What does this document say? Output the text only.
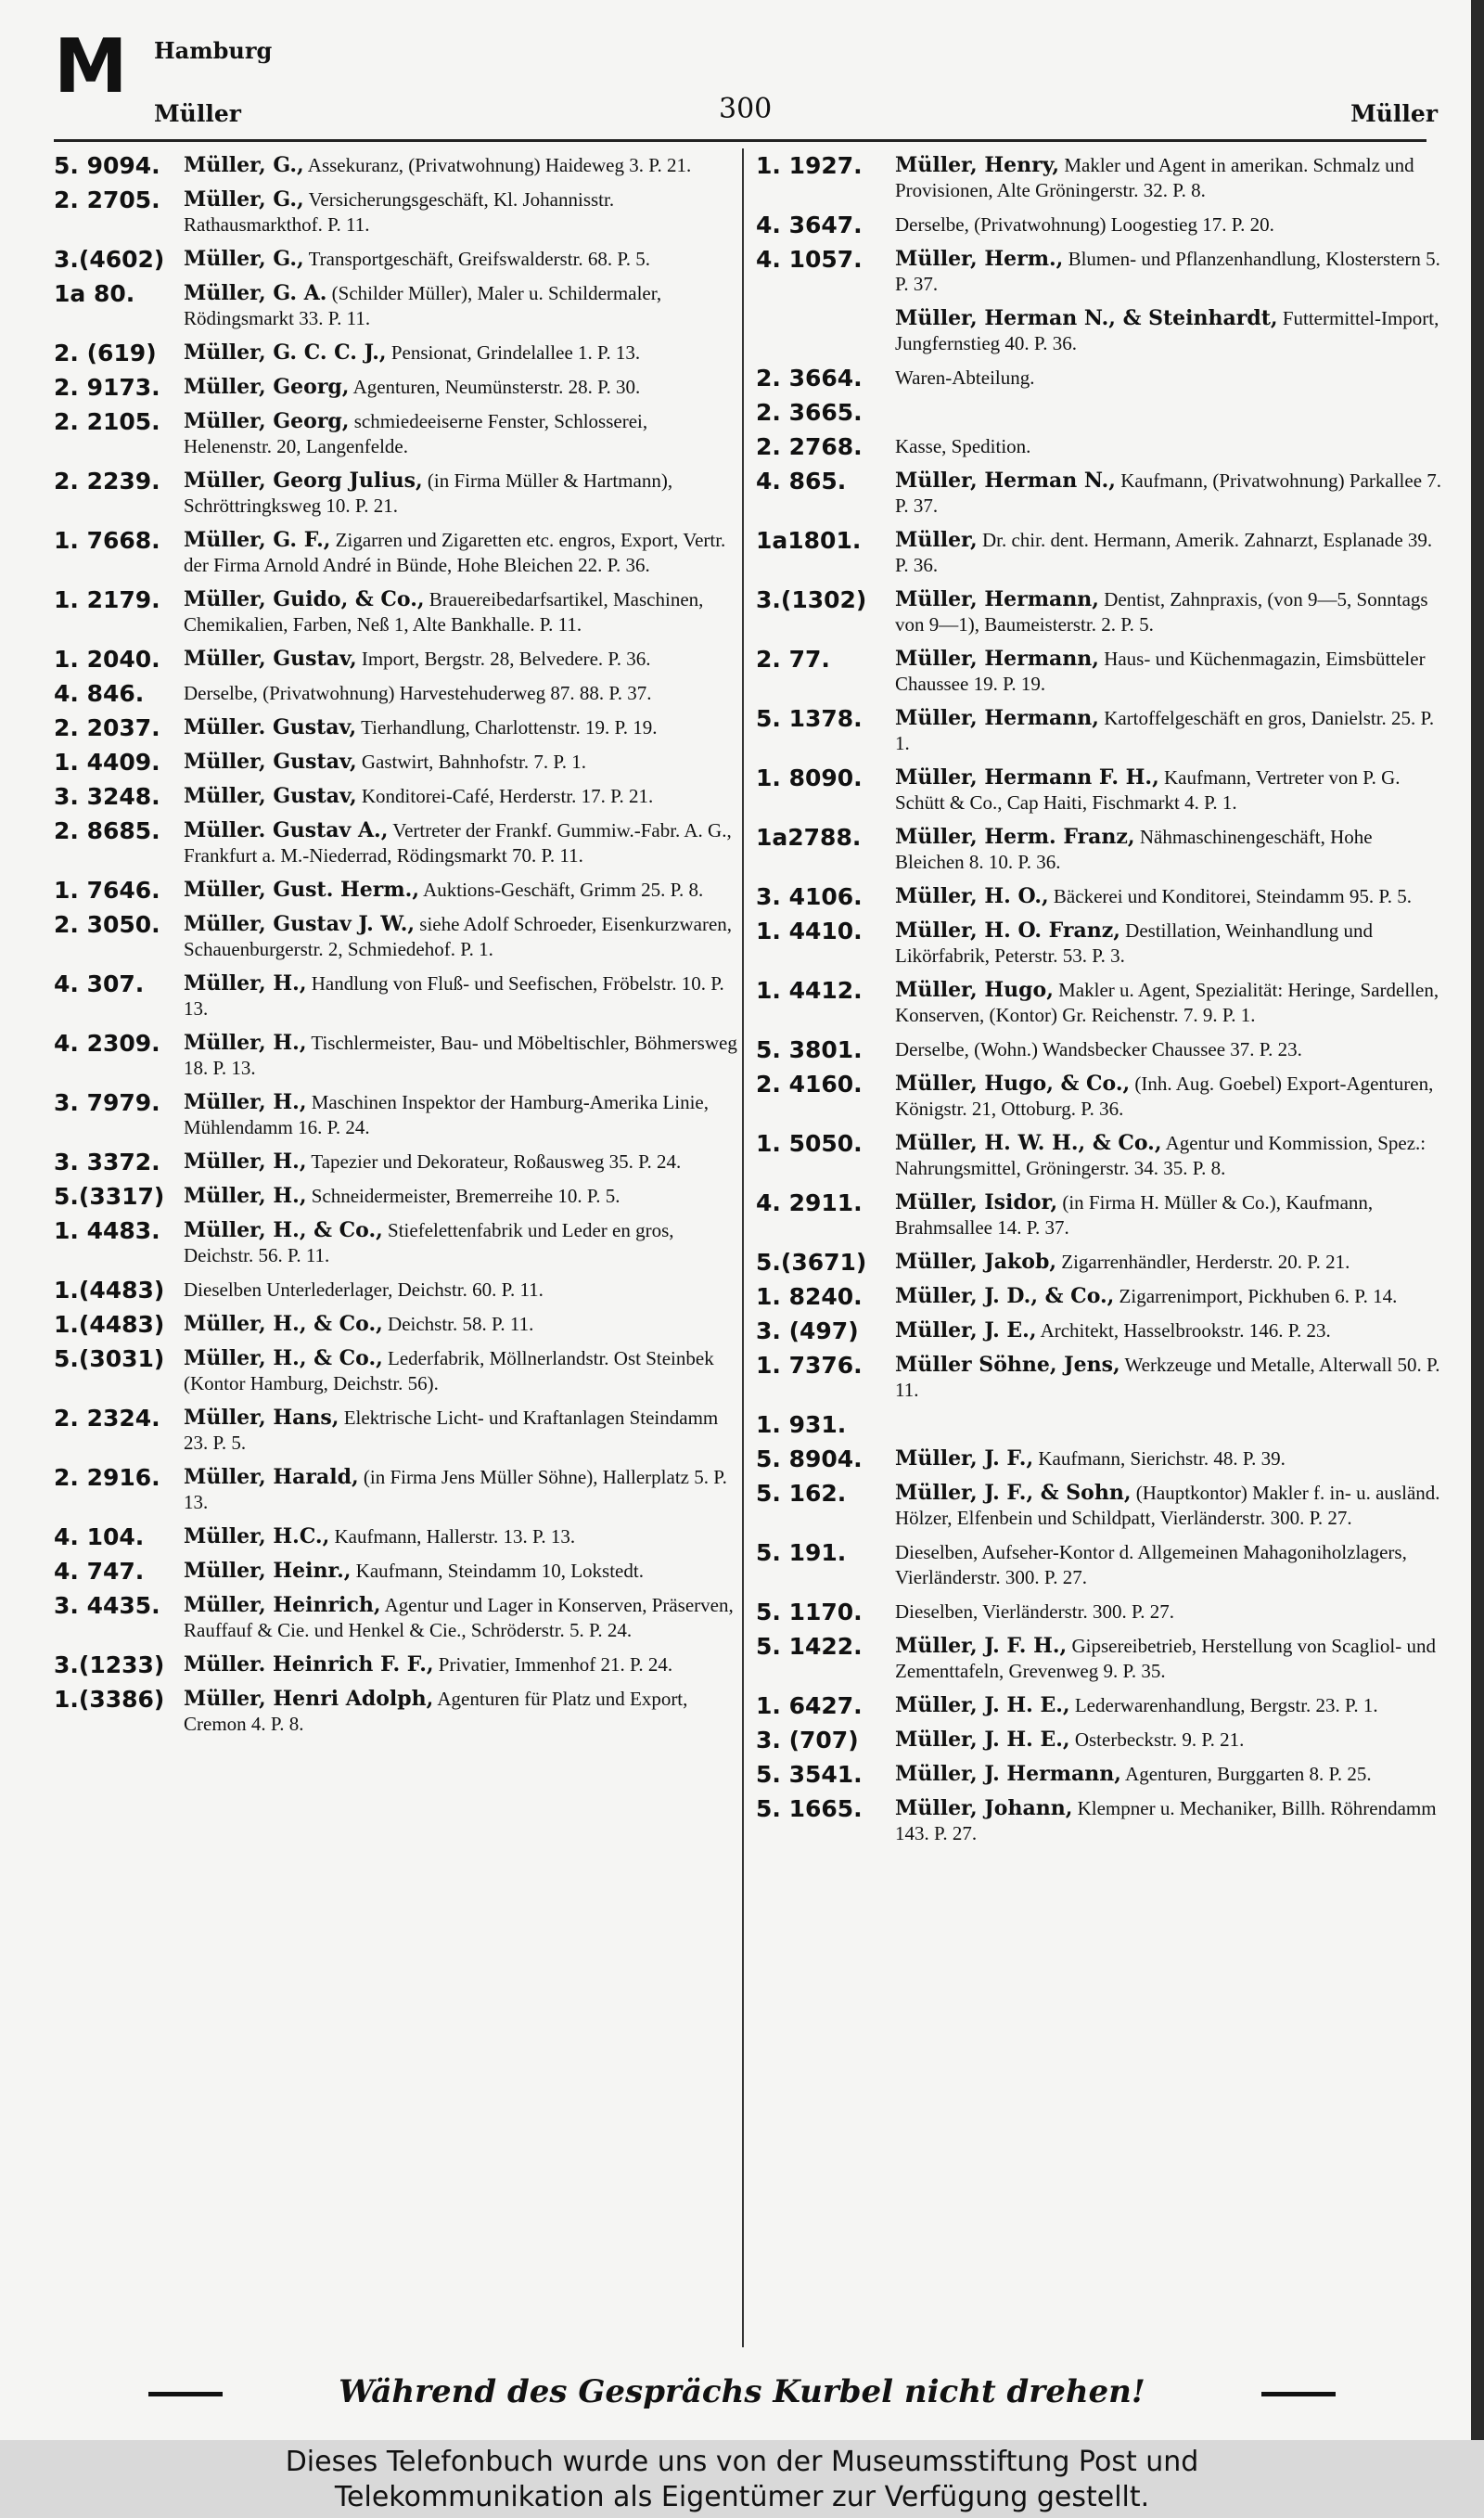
M Hamburg
Müller	300	Müller
5. 9094.	Müller, G., Assekuranz, (Privatwohnung) Haideweg 3. P. 21.
2. 2705.	Müller, G., Versicherungsgeschäft, Kl. Johannisstr. Rathausmarkthof. P. 11.
3.(4602) Müller, G., Transportgeschäft, Greifswalderstr. 68. P. 5.
1a 80.	Müller, G. A. (Schilder Müller), Maler u. Schildermaler, Rödingsmarkt 33. P. 11.
2. (619)	Müller, G. C. C. J., Pensionat, Grindelallee 1. P. 13.
2. 9173.	Müller, Georg, Agenturen, Neumünsterstr. 28. P. 30.
2. 2105.	Müller, Georg, schmiedeeiserne Fenster, Schlosserei, Helenenstr. 20, Langenfelde.
2. 2239.	Müller, Georg Julius, (in Firma Müller & Hartmann), Schröttringksweg 10. P. 21.
1. 7668.	Müller, G. F., Zigarren und Zigaretten etc. engros, Export, Vertr. der Firma Arnold André in Bünde, Hohe Bleichen 22. P. 36.
1. 2179.	Müller, Guido, & Co., Brauereibedarfsartikel, Maschinen, Chemikalien, Farben, Neß 1, Alte Bankhalle. P. 11.
1. 2040.	Müller, Gustav, Import, Bergstr. 28, Belvedere. P. 36.
4. 846.	Derselbe, (Privatwohnung) Harvestehuderweg 87. 88. P. 37.
2. 2037.	Müller. Gustav, Tierhandlung, Charlottenstr. 19. P. 19.
1. 4409.	Müller, Gustav, Gastwirt, Bahnhofstr. 7. P. 1.
3. 3248.	Müller, Gustav, Konditorei-Café, Herderstr. 17. P. 21.
2. 8685.	Müller. Gustav A., Vertreter der Frankf. Gummiw.-Fabr. A. G., Frankfurt a. M.-Niederrad, Rödingsmarkt 70. P. 11.
1. 7646.	Müller, Gust. Herm., Auktions-Geschäft, Grimm 25. P. 8.
2. 3050.	Müller, Gustav J. W., siehe Adolf Schroeder, Eisenkurzwaren, Schauenburgerstr. 2, Schmiedehof. P. 1.
4. 307.	Müller, H., Handlung von Fluß- und Seefischen, Fröbelstr. 10. P. 13.
4. 2309.	Müller, H., Tischlermeister, Bau- und Möbeltischler, Böhmersweg 18. P. 13.
3. 7979.	Müller, H., Maschinen Inspektor der Hamburg-Amerika Linie, Mühlendamm 16. P. 24.
3. 3372.	Müller, H., Tapezier und Dekorateur, Roßausweg 35. P. 24.
5.(3317) Müller, H., Schneidermeister, Bremerreihe 10. P. 5.
1. 4483.	Müller, H., & Co., Stiefelettenfabrik und Leder en gros, Deichstr. 56. P. 11.
1.(4483) Dieselben Unterlederlager, Deichstr. 60. P. 11.
1.(4483) Müller, H., & Co., Deichstr. 58. P. 11.
5.(3031) Müller, H., & Co., Lederfabrik, Möllnerlandstr. Ost Steinbek (Kontor Hamburg, Deichstr. 56).
2. 2324.	Müller, Hans, Elektrische Licht- und Kraftanlagen Steindamm 23. P. 5.
2. 2916.	Müller, Harald, (in Firma Jens Müller Söhne), Hallerplatz 5. P. 13.
4. 104.	Müller, H.C., Kaufmann, Hallerstr. 13. P. 13.
4. 747.	Müller, Heinr., Kaufmann, Steindamm 10, Lokstedt.
3. 4435.	Müller, Heinrich, Agentur und Lager in Konserven, Präserven, Rauffauf & Cie. und Henkel & Cie., Schröderstr. 5. P. 24.
3.(1233) Müller. Heinrich F. F., Privatier, Immenhof 21. P. 24.
1.(3386) Müller, Henri Adolph, Agenturen für Platz und Export, Cremon 4. P. 8.
1. 1927.	Müller, Henry, Makler und Agent in amerikan. Schmalz und Provisionen, Alte Gröningerstr. 32. P. 8.
4. 3647.	Derselbe, (Privatwohnung) Loogestieg 17. P. 20.
4. 1057.	Müller, Herm., Blumen- und Pflanzenhandlung, Klosterstern 5. P. 37.
Müller, Herman N., & Steinhardt, Futtermittel-Import, Jungfernstieg 40. P. 36.
2. 3664.	Waren-Abteilung.
2. 3665.
2. 2768.	Kasse, Spedition.
4. 865.	Müller, Herman N., Kaufmann, (Privatwohnung) Parkallee 7. P. 37.
1a1801.	Müller, Dr. chir. dent. Hermann, Amerik. Zahnarzt, Esplanade 39. P. 36.
3.(1302)	Müller, Hermann, Dentist, Zahnpraxis, (von 9—5, Sonntags von 9—1), Baumeisterstr. 2. P. 5.
2. 77.	Müller, Hermann, Haus- und Küchenmagazin, Eimsbütteler Chaussee 19. P. 19.
5. 1378.	Müller, Hermann, Kartoffelgeschäft en gros, Danielstr. 25. P. 1.
1. 8090.	Müller, Hermann F. H., Kaufmann, Vertreter von P. G. Schütt & Co., Cap Haiti, Fischmarkt 4. P. 1.
1a2788.	Müller, Herm. Franz, Nähmaschinengeschäft, Hohe Bleichen 8. 10. P. 36.
3. 4106.	Müller, H. O., Bäckerei und Konditorei, Steindamm 95. P. 5.
1. 4410.	Müller, H. O. Franz, Destillation, Weinhandlung und Likörfabrik, Peterstr. 53. P. 3.
1. 4412.	Müller, Hugo, Makler u. Agent, Spezialität: Heringe, Sardellen, Konserven, (Kontor) Gr. Reichenstr. 7. 9. P. 1.
5. 3801.	Derselbe, (Wohn.) Wandsbecker Chaussee 37. P. 23.
2. 4160.	Müller, Hugo, & Co., (Inh. Aug. Goebel) Export-Agenturen, Königstr. 21, Ottoburg. P. 36.
1. 5050.	Müller, H. W. H., & Co., Agentur und Kommission, Spez.: Nahrungsmittel, Gröningerstr. 34. 35. P. 8.
4. 2911.	Müller, Isidor, (in Firma H. Müller & Co.), Kaufmann, Brahmsallee 14. P. 37.
5.(3671)	Müller, Jakob, Zigarrenhändler, Herderstr. 20. P. 21.
1. 8240.	Müller, J. D., & Co., Zigarrenimport, Pickhuben 6. P. 14.
3. (497)	Müller, J. E., Architekt, Hasselbrookstr. 146. P. 23.
1. 7376.	Müller Söhne, Jens, Werkzeuge und Metalle, Alterwall 50. P. 11.
1. 931.
5. 8904.	Müller, J. F., Kaufmann, Sierichstr. 48. P. 39.
5. 162.	Müller, J. F., & Sohn, (Hauptkontor) Makler f. in- u. ausländ. Hölzer, Elfenbein und Schildpatt, Vierländerstr. 300. P. 27.
5. 191.	Dieselben, Aufseher-Kontor d. Allgemeinen Mahagoniholzlagers, Vierländerstr. 300. P. 27.
5. 1170.	Dieselben, Vierländerstr. 300. P. 27.
5. 1422.	Müller, J. F. H., Gipsereibetrieb, Herstellung von Scagliol- und Zementtafeln, Grevenweg 9. P. 35.
1. 6427.	Müller, J. H. E., Lederwarenhandlung, Bergstr. 23. P. 1.
3. (707)	Müller, J. H. E., Osterbeckstr. 9. P. 21.
5. 3541.	Müller, J. Hermann, Agenturen, Burggarten 8. P. 25.
5. 1665.	Müller, Johann, Klempner u. Mechaniker, Billh. Röhrendamm 143. P. 27.
Während des Gesprächs Kurbel nicht drehen!
Dieses Telefonbuch wurde uns von der Museumsstiftung Post und
Telekommunikation als Eigentümer zur Verfügung gestellt.
